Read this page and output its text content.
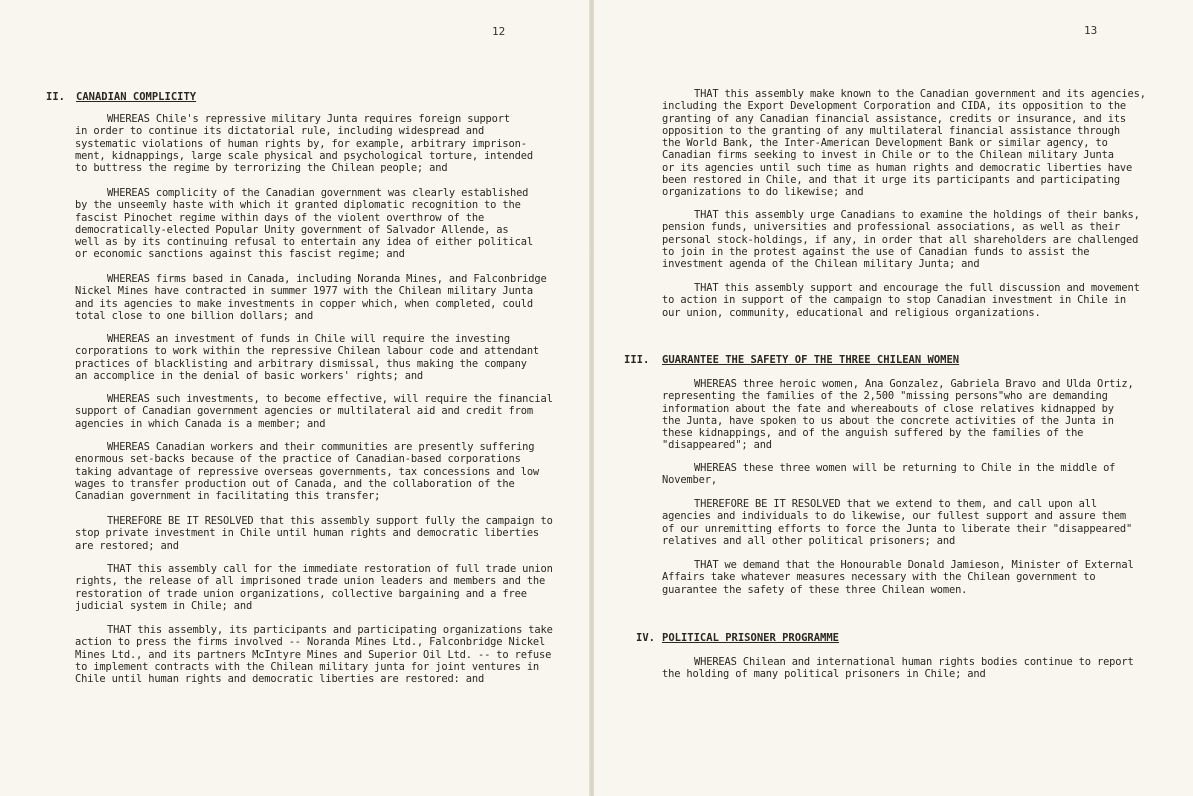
12	13
II. CANADIAN COMPLICITY
WHEREAS Chile's repressive military Junta requires foreign support
in order to continue its dictatorial rule, including widespread and
systematic violations of human rights by, for example, arbitrary imprison-
ment, kidnappings, large scale physical and psychological torture, intended
to buttress the regime by terrorizing the Chilean people; and
WHEREAS complicity of the Canadian government was clearly established
by the unseemly haste with which it granted diplomatic recognition to the
fascist Pinochet regime within days of the violent overthrow of the
democratically-elected Popular Unity government of Salvador Allende, as
well as by its continuing refusal to entertain any idea of either political
or economic sanctions against this fascist regime; and
WHEREAS firms based in Canada, including Noranda Mines, and Falconbridge
Nickel Mines have contracted in summer 1977 with the Chilean military Junta
and its agencies to make investments in copper which, when completed, could
total close to one billion dollars; and
WHEREAS an investment of funds in Chile will require the investing
corporations to work within the repressive Chilean labour code and attendant
practices of blacklisting and arbitrary dismissal, thus making the company
an accomplice in the denial of basic workers' rights; and
WHEREAS such investments, to become effective, will require the financial
support of Canadian government agencies or multilateral aid and credit from
agencies in which Canada is a member; and
WHEREAS Canadian workers and their communities are presently suffering
enormous set-backs because of the practice of Canadian-based corporations
taking advantage of repressive overseas governments, tax concessions and low
wages to transfer production out of Canada, and the collaboration of the
Canadian government in facilitating this transfer;
THEREFORE BE IT RESOLVED that this assembly support fully the campaign to
stop private investment in Chile until human rights and democratic liberties
are restored; and
THAT this assembly call for the immediate restoration of full trade union
rights, the release of all imprisoned trade union leaders and members and the
restoration of trade union organizations, collective bargaining and a free
judicial system in Chile; and
THAT this assembly, its participants and participating organizations take
action to press the firms involved -- Noranda Mines Ltd., Falconbridge Nickel
Mines Ltd., and its partners McIntyre Mines and Superior Oil Ltd. -- to refuse
to implement contracts with the Chilean military junta for joint ventures in
Chile until human rights and democratic liberties are restored: and
THAT this assembly make known to the Canadian government and its agencies,
including the Export Development Corporation and CIDA, its opposition to the
granting of any Canadian financial assistance, credits or insurance, and its
opposition to the granting of any multilateral financial assistance through
the World Bank, the Inter-American Development Bank or similar agency, to
Canadian firms seeking to invest in Chile or to the Chilean military Junta
or its agencies until such time as human rights and democratic liberties have
been restored in Chile, and that it urge its participants and participating
organizations to do likewise; and
THAT this assembly urge Canadians to examine the holdings of their banks,
pension funds, universities and professional associations, as well as their
personal stock-holdings, if any, in order that all shareholders are challenged
to join in the protest against the use of Canadian funds to assist the
investment agenda of the Chilean military Junta; and
THAT this assembly support and encourage the full discussion and movement
to action in support of the campaign to stop Canadian investment in Chile in
our union, community, educational and religious organizations.
III. GUARANTEE THE SAFETY OF THE THREE CHILEAN WOMEN
WHEREAS three heroic women, Ana Gonzalez, Gabriela Bravo and Ulda Ortiz,
representing the families of the 2,500 "missing persons"who are demanding
information about the fate and whereabouts of close relatives kidnapped by
the Junta, have spoken to us about the concrete activities of the Junta in
these kidnappings, and of the anguish suffered by the families of the
"disappeared"; and
WHEREAS these three women will be returning to Chile in the middle of
November,
THEREFORE BE IT RESOLVED that we extend to them, and call upon all
agencies and individuals to do likewise, our fullest support and assure them
of our unremitting efforts to force the Junta to liberate their "disappeared"
relatives and all other political prisoners; and
THAT we demand that the Honourable Donald Jamieson, Minister of External
Affairs take whatever measures necessary with the Chilean government to
guarantee the safety of these three Chilean women.
IV. POLITICAL PRISONER PROGRAMME
WHEREAS Chilean and international human rights bodies continue to report
the holding of many political prisoners in Chile; and
